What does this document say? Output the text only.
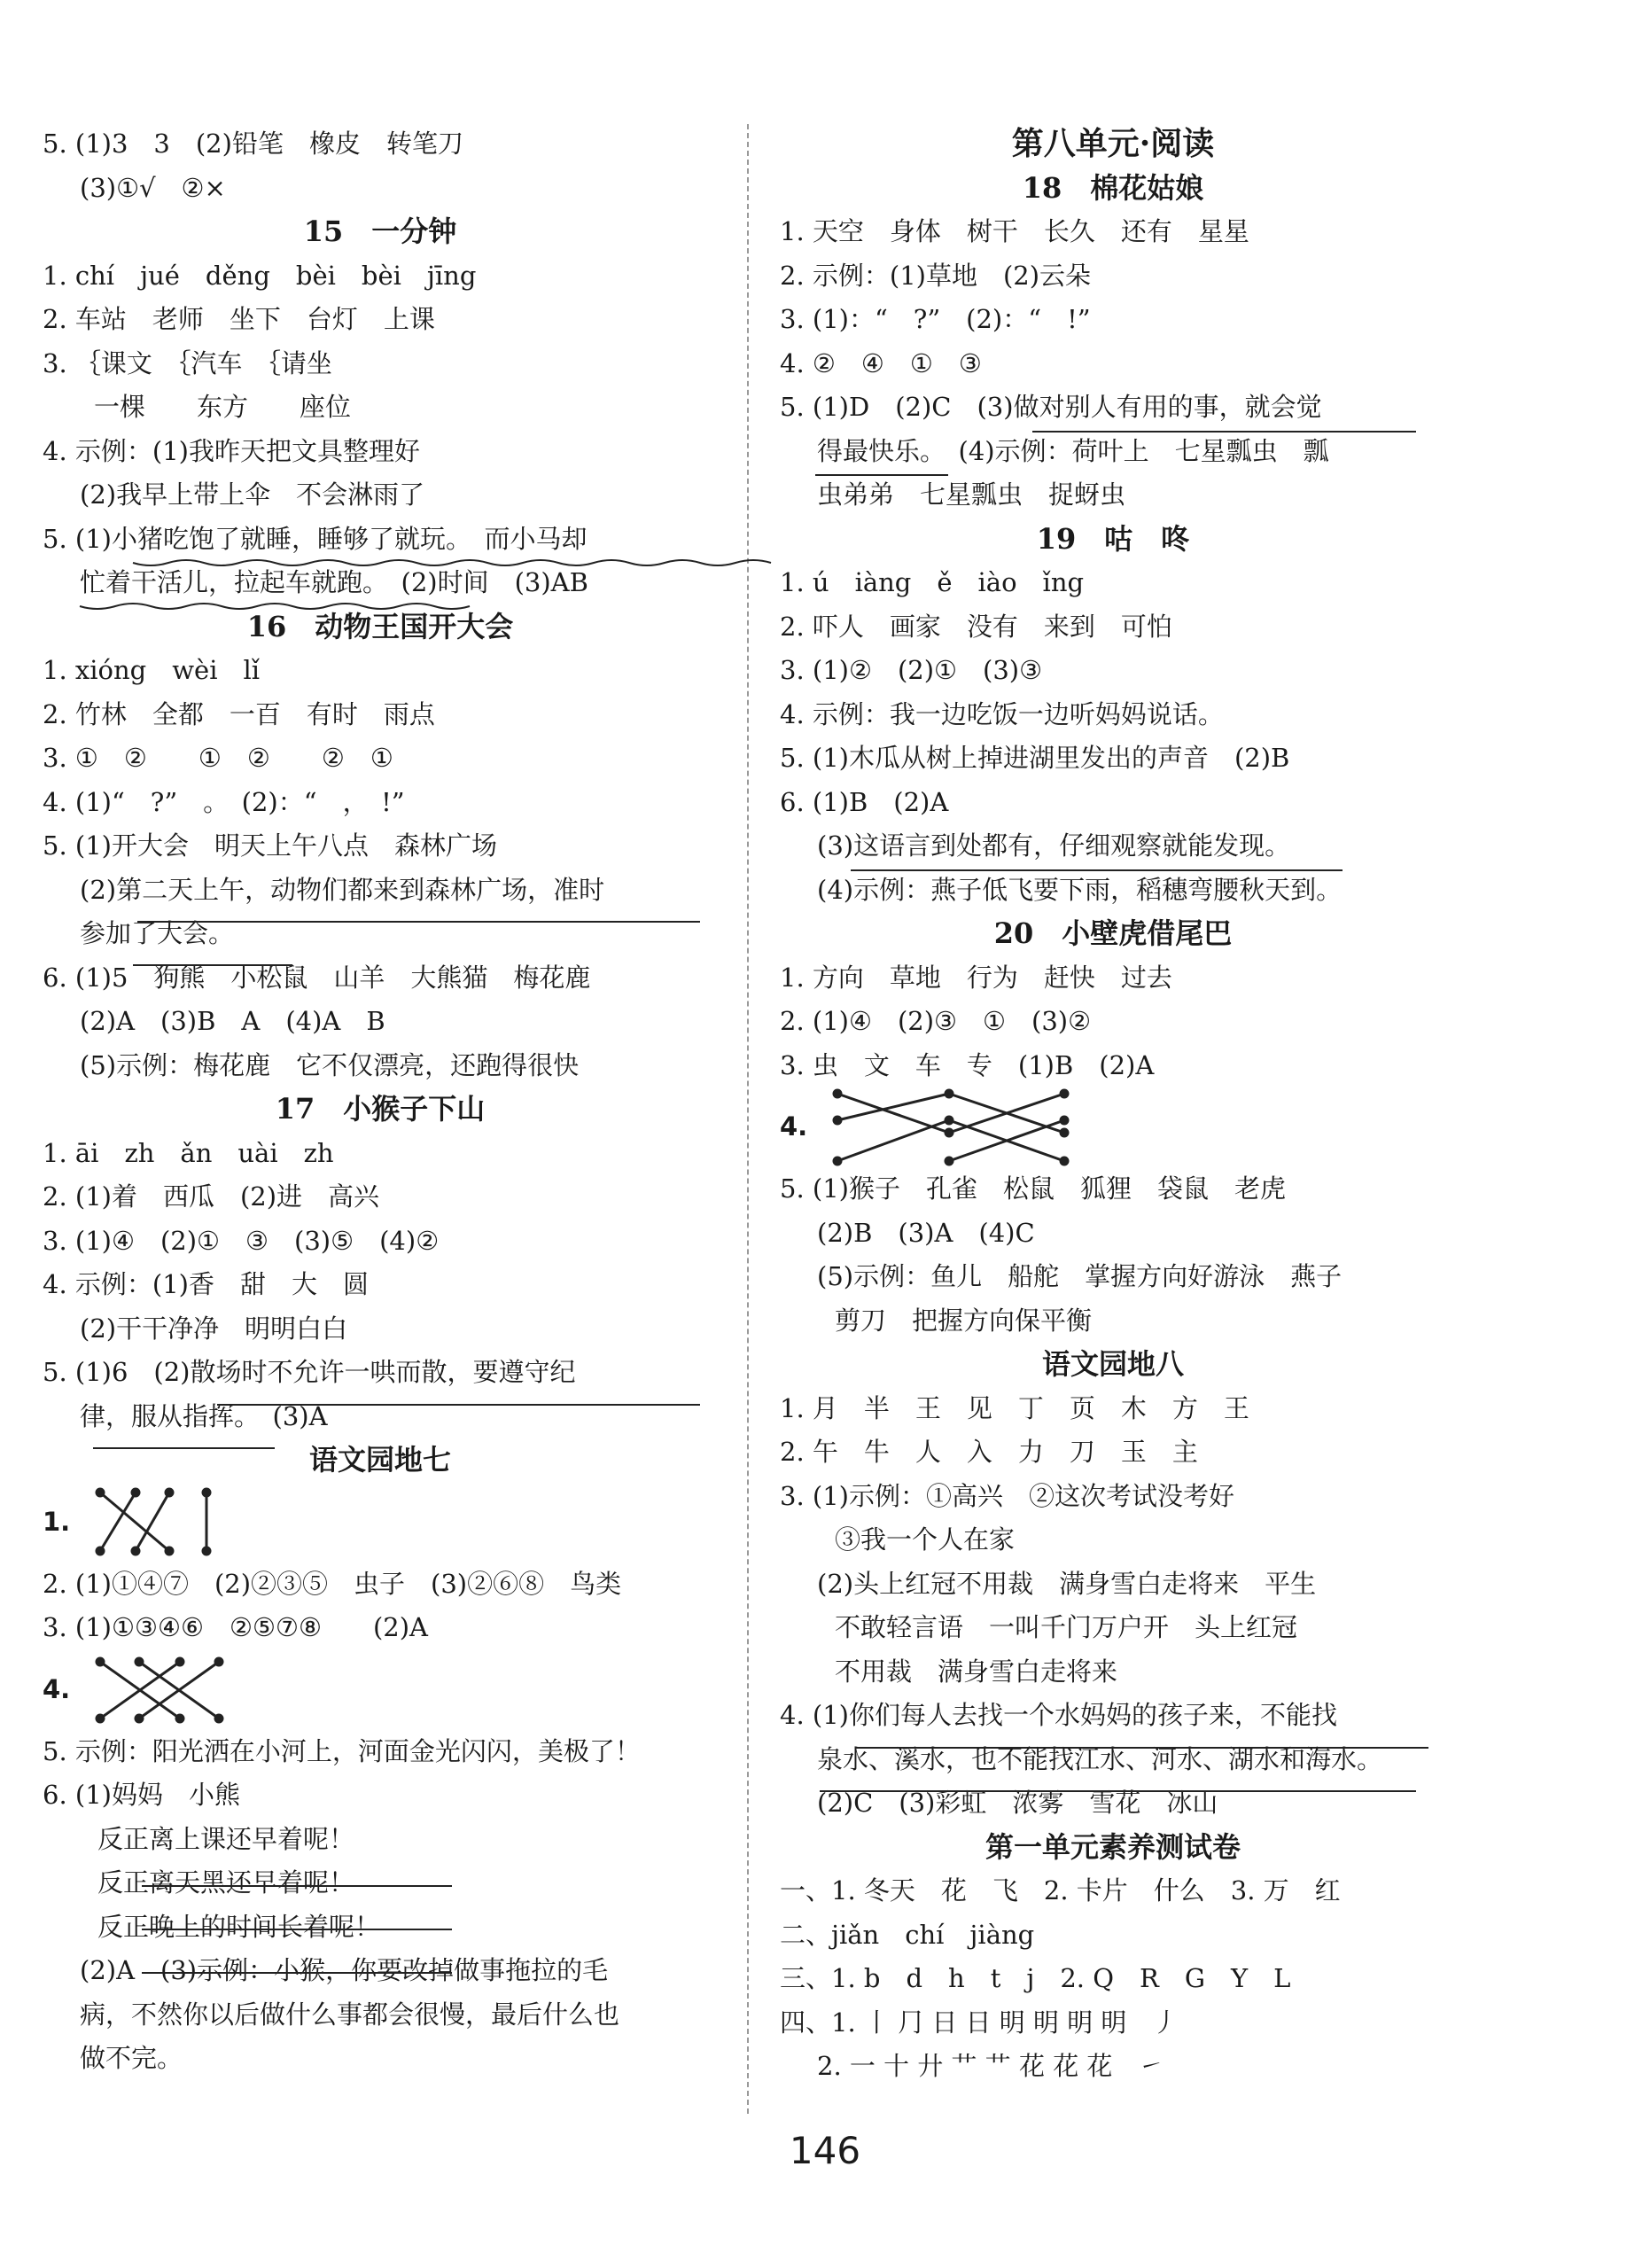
5. (1)3　3　(2)铅笔　橡皮　转笔刀
(3)①√　②×
15　一分钟
1. chí　jué　děng　bèi　bèi　jīng
2. 车站　老师　坐下　台灯　上课
3. ｛课文　｛汽车　｛请坐
　　一棵　　东方　　座位
4. 示例：(1)我昨天把文具整理好
(2)我早上带上伞　不会淋雨了
5. (1)小猪吃饱了就睡，睡够了就玩。　而小马却
忙着干活儿，拉起车就跑。　(2)时间　(3)AB
16　动物王国开大会
1. xióng　wèi　lǐ
2. 竹林　全都　一百　有时　雨点
3. ①　②　　①　②　　②　①
4. (1)“　?”　。　(2)：“　，　!”
5. (1)开大会　明天上午八点　森林广场
(2)第二天上午，动物们都来到森林广场，准时
参加了大会。
6. (1)5　狗熊　小松鼠　山羊　大熊猫　梅花鹿
(2)A　(3)B　A　(4)A　B
(5)示例：梅花鹿　它不仅漂亮，还跑得很快
17　小猴子下山
1. āi　zh　ǎn　uài　zh
2. (1)着　西瓜　(2)进　高兴
3. (1)④　(2)①　③　(3)⑤　(4)②
4. 示例：(1)香　甜　大　圆
(2)干干净净　明明白白
5. (1)6　(2)散场时不允许一哄而散，要遵守纪
律，服从指挥。　(3)A
语文园地七
1.
2. (1)①④⑦　(2)②③⑤　虫子　(3)②⑥⑧　鸟类
3. (1)①③④⑥　②⑤⑦⑧　　(2)A
4.
5. 示例：阳光洒在小河上，河面金光闪闪，美极了！
6. (1)妈妈　小熊
反正离上课还早着呢！
反正离天黑还早着呢！
反正晚上的时间长着呢！
(2)A　(3)示例：小猴，你要改掉做事拖拉的毛
病，不然你以后做什么事都会很慢，最后什么也
做不完。
第八单元·阅读
18　棉花姑娘
1. 天空　身体　树干　长久　还有　星星
2. 示例：(1)草地　(2)云朵
3. (1)：“　?”　(2)：“　!”
4. ②　④　①　③
5. (1)D　(2)C　(3)做对别人有用的事，就会觉
得最快乐。　(4)示例：荷叶上　七星瓢虫　瓢
虫弟弟　七星瓢虫　捉蚜虫
19　咕　咚
1. ú　iàng　ě　iào　ǐng
2. 吓人　画家　没有　来到　可怕
3. (1)②　(2)①　(3)③
4. 示例：我一边吃饭一边听妈妈说话。
5. (1)木瓜从树上掉进湖里发出的声音　(2)B
6. (1)B　(2)A
(3)这语言到处都有，仔细观察就能发现。
(4)示例：燕子低飞要下雨，稻穗弯腰秋天到。
20　小壁虎借尾巴
1. 方向　草地　行为　赶快　过去
2. (1)④　(2)③　①　(3)②
3. 虫　文　车　专　(1)B　(2)A
4.
5. (1)猴子　孔雀　松鼠　狐狸　袋鼠　老虎
(2)B　(3)A　(4)C
(5)示例：鱼儿　船舵　掌握方向好游泳　燕子
剪刀　把握方向保平衡
语文园地八
1. 月　半　王　见　丁　页　木　方　王
2. 午　牛　人　入　力　刀　玉　主
3. (1)示例：①高兴　②这次考试没考好
③我一个人在家
(2)头上红冠不用裁　满身雪白走将来　平生
不敢轻言语　一叫千门万户开　头上红冠
不用裁　满身雪白走将来
4. (1)你们每人去找一个水妈妈的孩子来，不能找
泉水、溪水，也不能找江水、河水、湖水和海水。
(2)C　(3)彩虹　浓雾　雪花　冰山
第一单元素养测试卷
一、1. 冬天　花　飞　2. 卡片　什么　3. 万　红
二、jiǎn　chí　jiàng
三、1. b　d　h　t　j　2. Q　R　G　Y　L
四、1. 丨 ⺆ 日 日 明 明 明 明　丿
2. 一 十 廾 艹 艹 花 花 花　㇀
146
